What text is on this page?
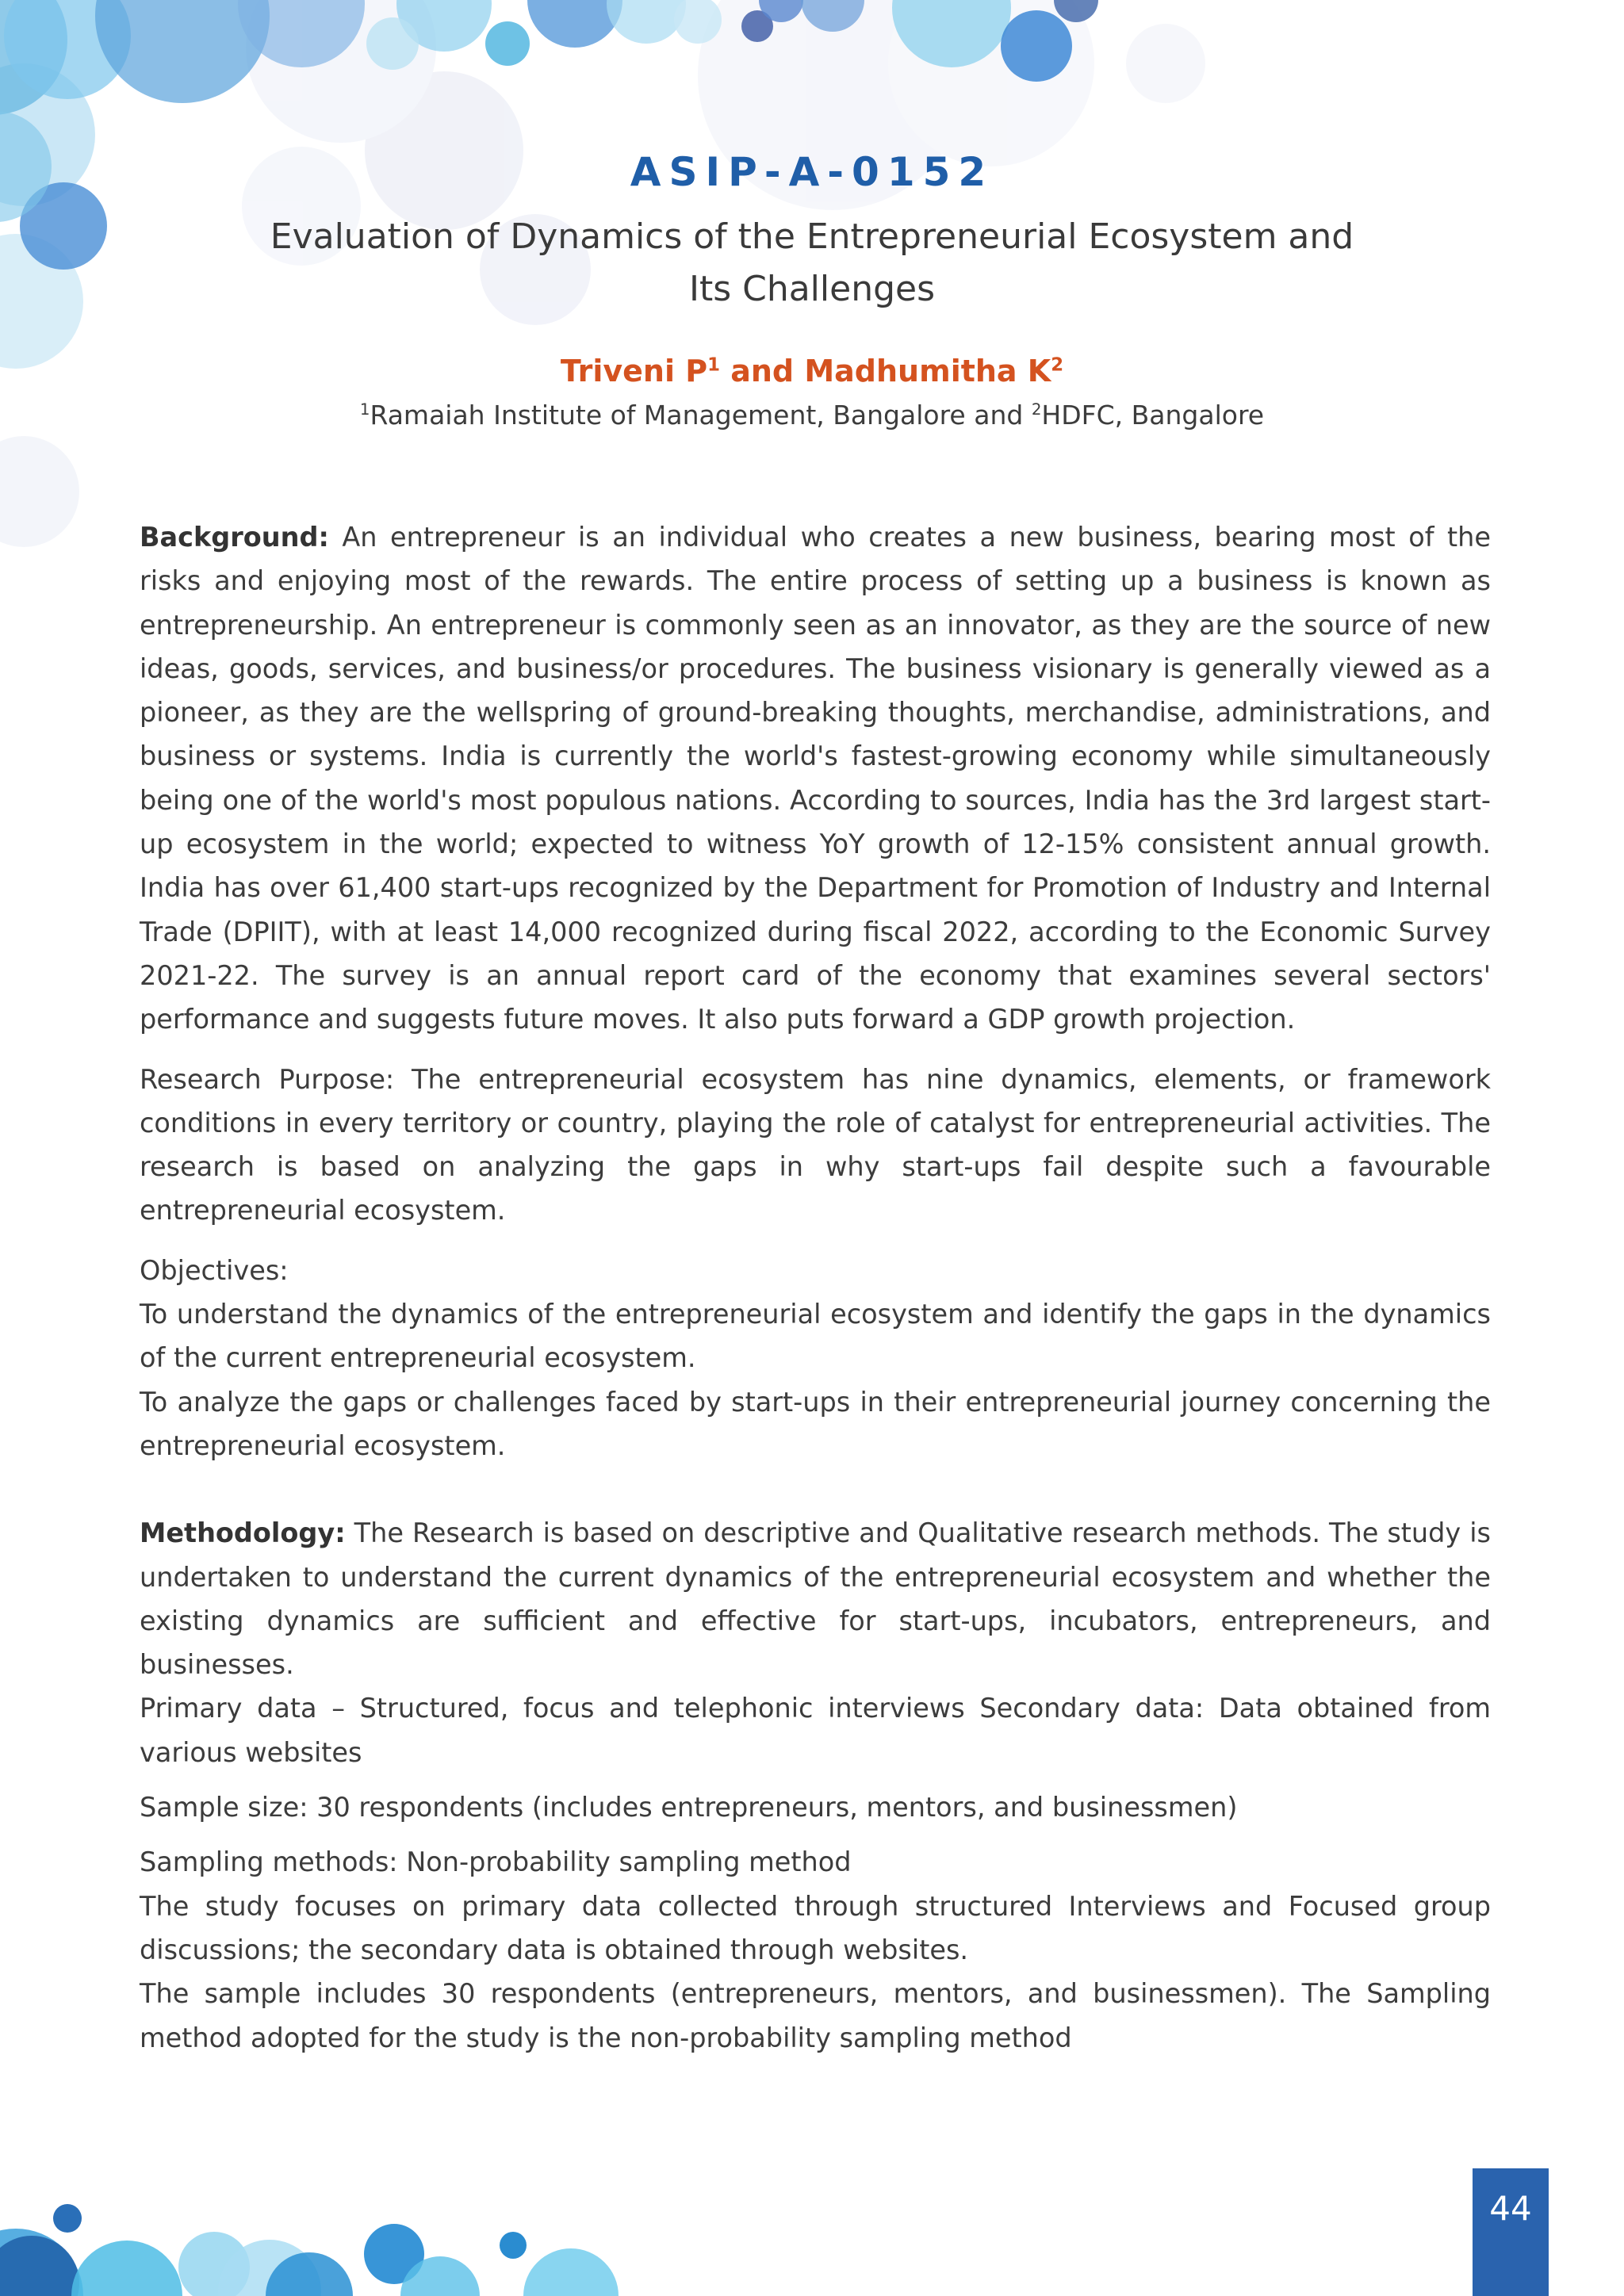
ASIP-A-0152
Evaluation of Dynamics of the Entrepreneurial Ecosystem and
Its Challenges
Triveni $P^1$ and Madhumitha $K^2$
$^1$Ramaiah Institute of Management, Bangalore and $^2$HDFC, Bangalore

Background: An entrepreneur is an individual who creates a new business, bearing most of the risks and enjoying most of the rewards. The entire process of setting up a business is known as entrepreneurship. An entrepreneur is commonly seen as an innovator, as they are the source of new ideas, goods, services, and business/or procedures. The business visionary is generally viewed as a pioneer, as they are the wellspring of ground-breaking thoughts, merchandise, administrations, and business or systems. India is currently the world's fastest-growing economy while simultaneously being one of the world's most populous nations. According to sources, India has the 3rd largest start-up ecosystem in the world; expected to witness YoY growth of 12-15% consistent annual growth. India has over 61,400 start-ups recognized by the Department for Promotion of Industry and Internal Trade (DPIIT), with at least 14,000 recognized during fiscal 2022, according to the Economic Survey 2021-22. The survey is an annual report card of the economy that examines several sectors' performance and suggests future moves. It also puts forward a GDP growth projection.

Research Purpose: The entrepreneurial ecosystem has nine dynamics, elements, or framework conditions in every territory or country, playing the role of catalyst for entrepreneurial activities. The research is based on analyzing the gaps in why start-ups fail despite such a favourable entrepreneurial ecosystem.

Objectives:

To understand the dynamics of the entrepreneurial ecosystem and identify the gaps in the dynamics of the current entrepreneurial ecosystem.

To analyze the gaps or challenges faced by start-ups in their entrepreneurial journey concerning the entrepreneurial ecosystem.

Methodology: The Research is based on descriptive and Qualitative research methods. The study is undertaken to understand the current dynamics of the entrepreneurial ecosystem and whether the existing dynamics are sufficient and effective for start-ups, incubators, entrepreneurs, and businesses.

Primary data – Structured, focus and telephonic interviews Secondary data: Data obtained from various websites

Sample size: 30 respondents (includes entrepreneurs, mentors, and businessmen)

Sampling methods: Non-probability sampling method

The study focuses on primary data collected through structured Interviews and Focused group discussions; the secondary data is obtained through websites.

The sample includes 30 respondents (entrepreneurs, mentors, and businessmen). The Sampling method adopted for the study is the non-probability sampling method

44
